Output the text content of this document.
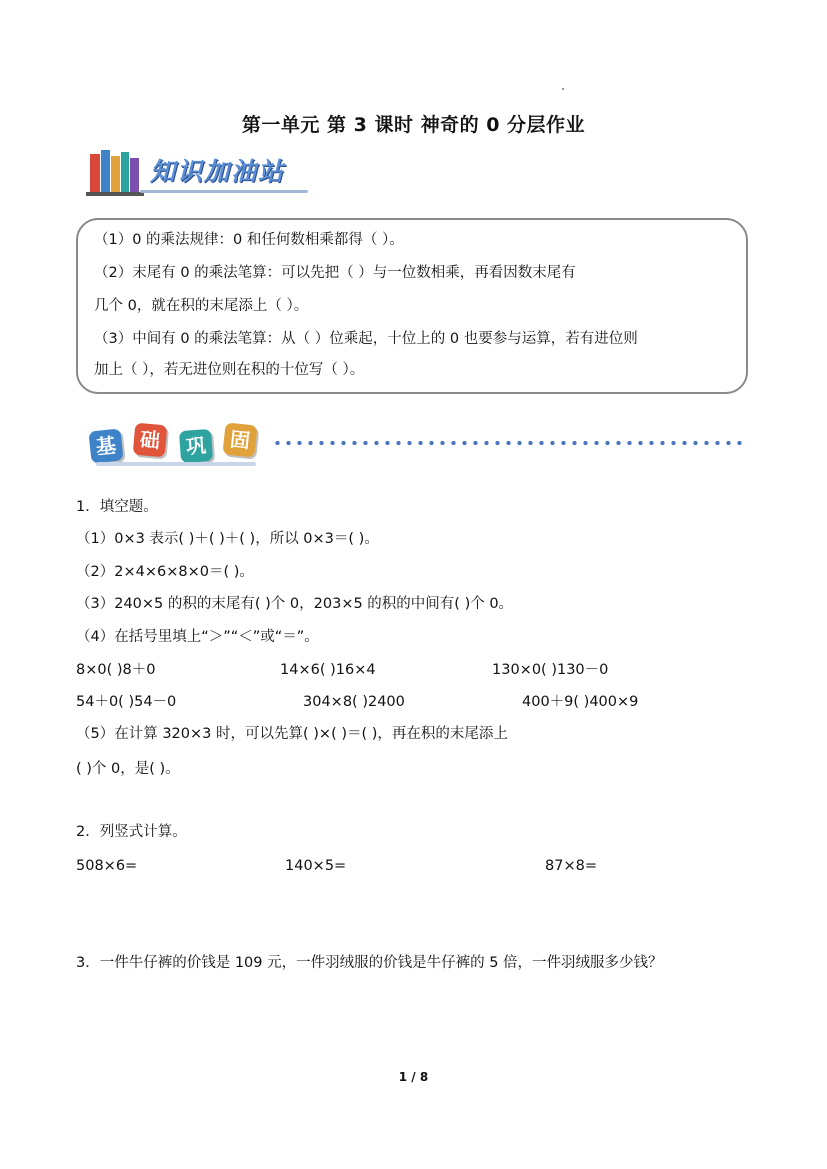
第一单元 第 3 课时 神奇的 0 分层作业
知识加油站
（1）0 的乘法规律：0 和任何数相乘都得（ ）。
（2）末尾有 0 的乘法笔算：可以先把（ ）与一位数相乘，再看因数末尾有
几个 0，就在积的末尾添上（ ）。
（3）中间有 0 的乘法笔算：从（ ）位乘起，十位上的 0 也要参与运算，若有进位则
加上（ ），若无进位则在积的十位写（ ）。
基	础	巩	固
1．填空题。
（1）0×3 表示( )＋( )＋( )，所以 0×3＝( )。
（2）2×4×6×8×0＝( )。
（3）240×5 的积的末尾有( )个 0，203×5 的积的中间有( )个 0。
（4）在括号里填上“＞”“＜”或“＝”。
8×0( )8＋0	14×6( )16×4	130×0( )130－0
54＋0( )54－0	304×8( )2400	400＋9( )400×9
（5）在计算 320×3 时，可以先算( )×( )＝( )，再在积的末尾添上
( )个 0，是( )。
2．列竖式计算。
508×6=	140×5=	87×8=
3．一件牛仔裤的价钱是 109 元，一件羽绒服的价钱是牛仔裤的 5 倍，一件羽绒服多少钱？
1 / 8
